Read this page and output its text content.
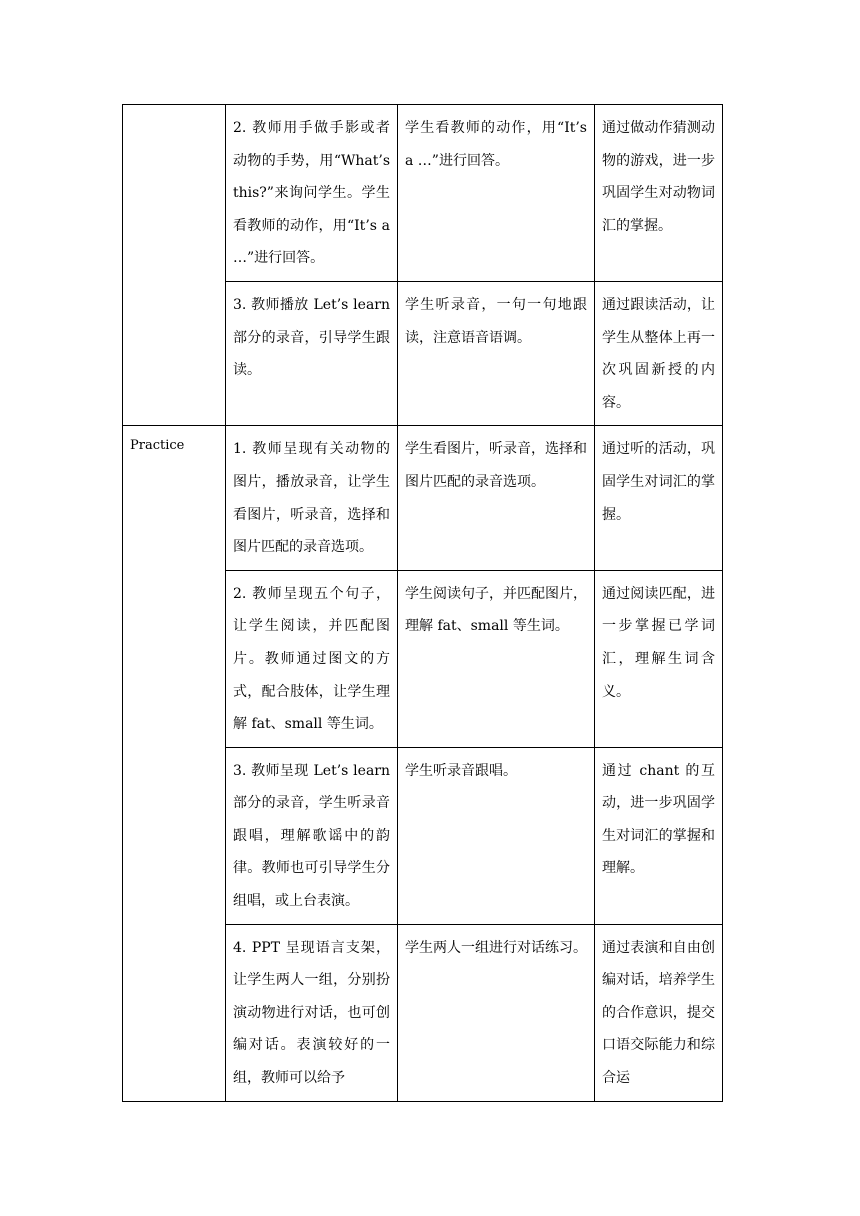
	2. 教师用手做手影或者动物的手势，用“What’s this?”来询问学生。学生看教师的动作，用“It’s a …”进行回答。	学生看教师的动作，用“It’s a …”进行回答。	通过做动作猜测动物的游戏，进一步巩固学生对动物词汇的掌握。
	3. 教师播放 Let’s learn部分的录音，引导学生跟读。	学生听录音，一句一句地跟读，注意语音语调。	通过跟读活动，让学生从整体上再一次巩固新授的内容。
Practice	1. 教师呈现有关动物的图片，播放录音，让学生看图片，听录音，选择和图片匹配的录音选项。	学生看图片，听录音，选择和图片匹配的录音选项。	通过听的活动，巩固学生对词汇的掌握。
	2. 教师呈现五个句子，让学生阅读，并匹配图片。教师通过图文的方式，配合肢体，让学生理解 fat、small 等生词。	学生阅读句子，并匹配图片，理解 fat、small 等生词。	通过阅读匹配，进一步掌握已学词汇，理解生词含义。
	3. 教师呈现 Let’s learn部分的录音，学生听录音跟唱，理解歌谣中的韵律。教师也可引导学生分组唱，或上台表演。	学生听录音跟唱。	通过 chant 的互动，进一步巩固学生对词汇的掌握和理解。
	4. PPT 呈现语言支架，让学生两人一组，分别扮演动物进行对话，也可创编对话。表演较好的一组，教师可以给予	学生两人一组进行对话练习。	通过表演和自由创编对话，培养学生的合作意识，提交口语交际能力和综合运
